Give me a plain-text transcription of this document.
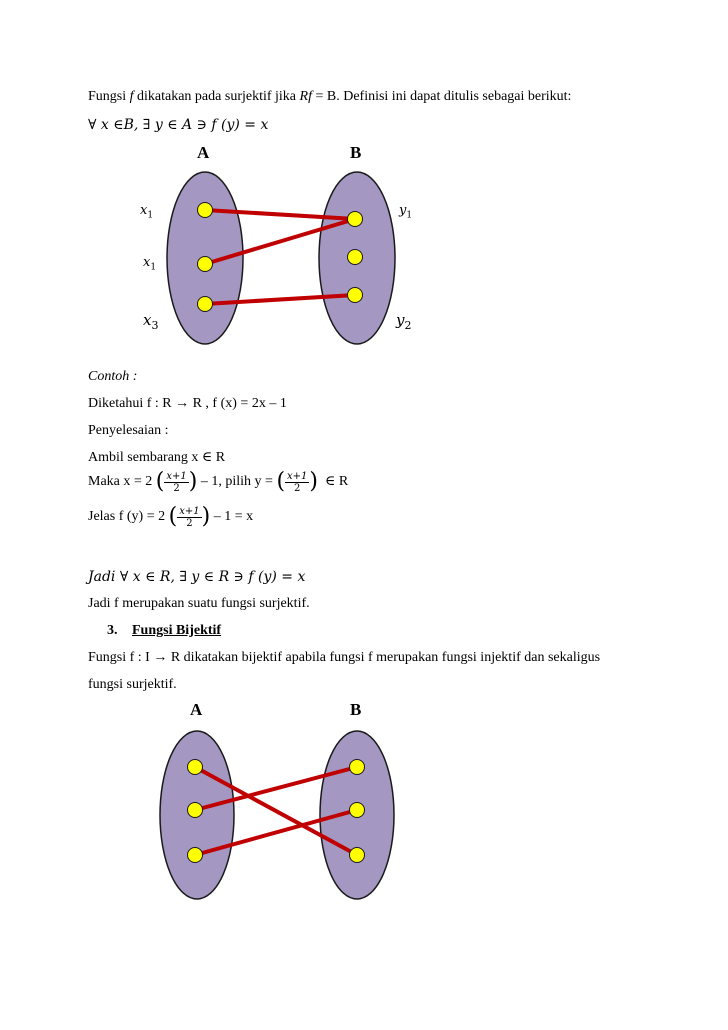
Fungsi f dikatakan pada surjektif jika Rf = B. Definisi ini dapat ditulis sebagai berikut:
∀ x ∈B, ∃ y ∈ A ∋ f (y) = x
A	B
$x_1$
$x_1$
$x_3$
$y_1$
$y_2$
Contoh :
Diketahui f : R → R , f (x) = 2x – 1
Penyelesaian :
Ambil sembarang x ∈ R
Maka x = 2 ( $\frac{x+1}{2}$ ) – 1, pilih y = ( $\frac{x+1}{2}$ ) ∈ R
Jelas f (y) = 2 ( $\frac{x+1}{2}$ ) – 1 = x
Jadi ∀ x ∈ R, ∃ y ∈ R ∋ f (y) = x
Jadi f merupakan suatu fungsi surjektif.
3. Fungsi Bijektif
Fungsi f : I → R dikatakan bijektif apabila fungsi f merupakan fungsi injektif dan sekaligus
fungsi surjektif.
A	B
